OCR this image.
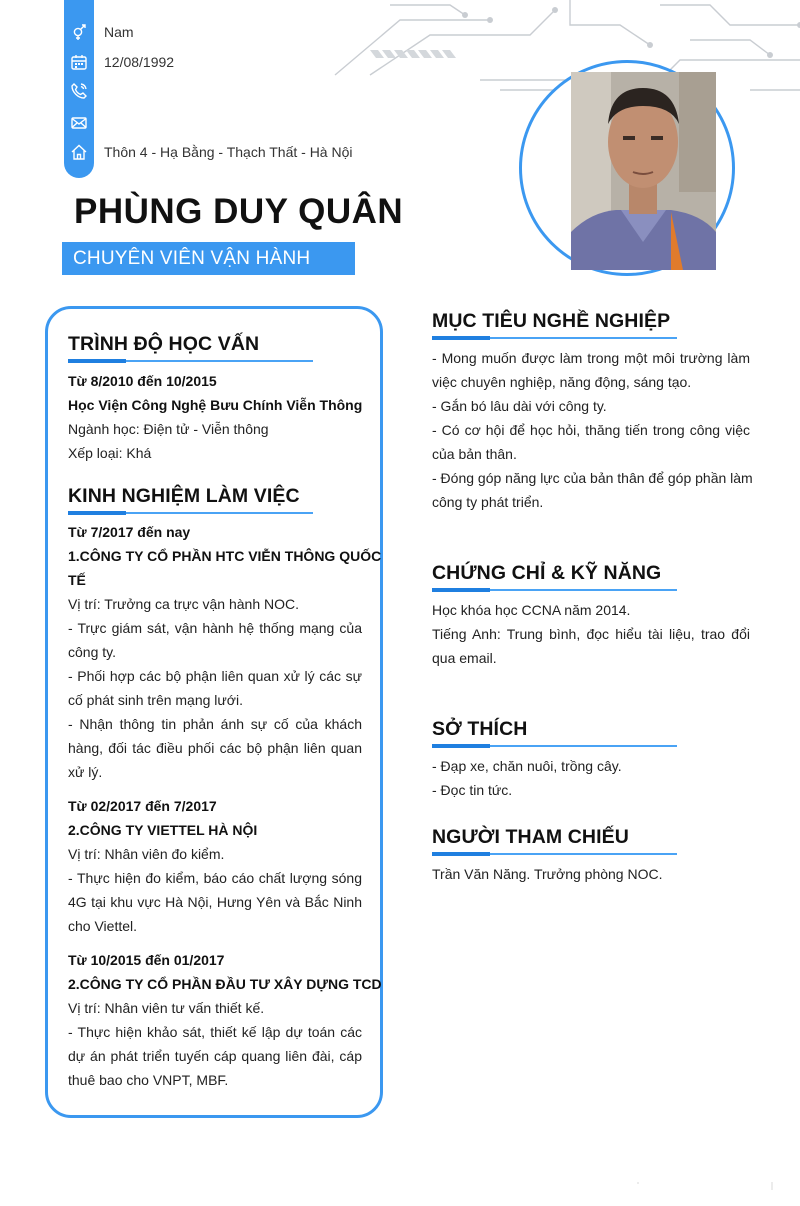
Nam
12/08/1992
Thôn 4 - Hạ Bằng - Thạch Thất - Hà Nội
PHÙNG DUY QUÂN
CHUYÊN VIÊN VẬN HÀNH
TRÌNH ĐỘ HỌC VẤN
Từ 8/2010 đến 10/2015
Học Viện Công Nghệ Bưu Chính Viễn Thông
Ngành học: Điện tử - Viễn thông
Xếp loại: Khá
KINH NGHIỆM LÀM VIỆC
Từ 7/2017 đến nay
1.CÔNG TY CỔ PHẦN HTC VIỄN THÔNG QUỐC
TẾ
Vị trí: Trưởng ca trực vận hành NOC.
- Trực giám sát, vận hành hệ thống mạng của
công ty.
- Phối hợp các bộ phận liên quan xử lý các sự
cố phát sinh trên mạng lưới.
- Nhận thông tin phản ánh sự cố của khách
hàng, đối tác điều phối các bộ phận liên quan
xử lý.
Từ 02/2017 đến 7/2017
2.CÔNG TY VIETTEL HÀ NỘI
Vị trí: Nhân viên đo kiểm.
- Thực hiện đo kiểm, báo cáo chất lượng sóng
4G tại khu vực Hà Nội, Hưng Yên và Bắc Ninh
cho Viettel.
Từ 10/2015 đến 01/2017
2.CÔNG TY CỔ PHẦN ĐẦU TƯ XÂY DỰNG TCD
Vị trí: Nhân viên tư vấn thiết kế.
- Thực hiện khảo sát, thiết kế lập dự toán các
dự án phát triển tuyến cáp quang liên đài, cáp
thuê bao cho VNPT, MBF.
MỤC TIÊU NGHỀ NGHIỆP
- Mong muốn được làm trong một môi trường làm
việc chuyên nghiệp, năng động, sáng tạo.
- Gắn bó lâu dài với công ty.
- Có cơ hội để học hỏi, thăng tiến trong công việc
của bản thân.
- Đóng góp năng lực của bản thân để góp phần làm
công ty phát triển.
CHỨNG CHỈ & KỸ NĂNG
Học khóa học CCNA năm 2014.
Tiếng Anh: Trung bình, đọc hiểu tài liệu, trao đổi
qua email.
SỞ THÍCH
- Đạp xe, chăn nuôi, trồng cây.
- Đọc tin tức.
NGƯỜI THAM CHIẾU
Trần Văn Năng. Trưởng phòng NOC.
